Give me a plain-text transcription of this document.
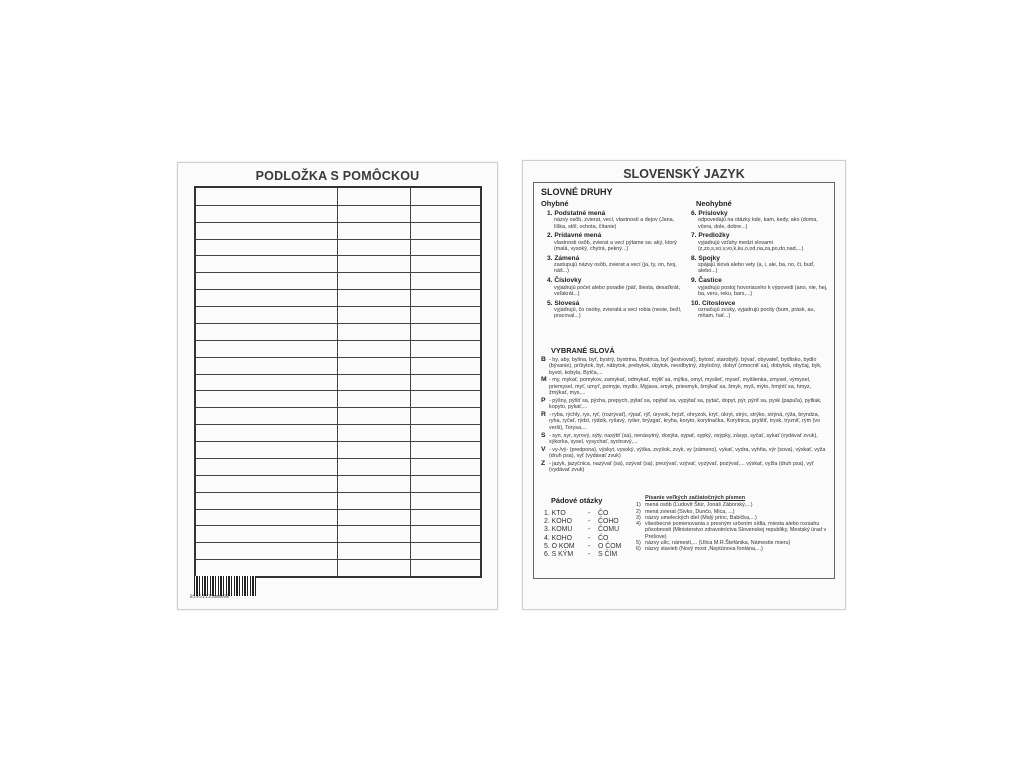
PODLOŽKA S POMÔCKOU
8595113500898
SLOVENSKÝ JAZYK
SLOVNÉ DRUHY
Ohybné	Neohybné
1. Podstatné mená
názvy osôb, zvierat, vecí, vlastností a dejov (Jana, líška, stôl, ochota, čítanie)
2. Prídavné mená
vlastnosti osôb, zvierat a vecí pýtame sa: aký, ktorý (malá, vysoký, chytrá, pekný...)
3. Zámená
zastupujú názvy osôb, zvierat a vecí (ja, ty, on, tvoj, náš...)
4. Číslovky
vyjadrujú počet alebo poradie (päť, šiesta, desaťkrát, veľakrát...)
5. Slovesá
vyjadrujú, čo osoby, zvieratá a veci robia (nesie, beží, pracoval...)
6. Príslovky
odpovedajú na otázky kde, kam, kedy, ako (doma, včera, dole, dobre...)
7. Predložky
vyjadrujú vzťahy medzi slovami (z,zo,s,so,v,vo,k,ku,o,od,na,za,po,do,nad,...)
8. Spojky
spájajú slová alebo vety (a, i, ale, ba, no, či, buď, alebo...)
9. Častice
vyjadrujú postoj hovoriaceho k výpovedi (ano, nie, hej, ba, veru, reku, bars,...)
10. Citoslovce
označujú zvuky, vyjadrujú pocity (bum, prásk, au, mňam, hať...)
VYBRANÉ SLOVÁ
B - by, aby, bylina, byť, bystrý, bystrina, Bystrica, byť (jestvovať), bytosť, starobylý, bývať, obyvateľ, bydlisko, bydlo (bývanie), príbytok, byt, nábytok, prebytok, úbytok, neodbytný, zbytočný, dobyť (zmocniť sa), dobytok, obyčaj, býk, byvol, kobyla, Bytča,...
M - my, mykať, pomykov, zamykať, odmykať, mýliť sa, mýlka, omyl, myslieť, myseľ, myšlienka, zmysel, výmysel, priemysel, myť, umyť, pomyje, mydlo, Myjava, smyk, priesmyk, šmýkať sa, šmyk, myš, mýto, hmýriť sa, hmyz, žmýkať, mys,...
P - pýšny, pýšiť sa, pýcha, prepych, pýtať sa, opýtať sa, vypýtať sa, pytač, dopyt, pýr, pýriť sa, pysk (papuľa), pytliak, kopyto, pykať,...
R - ryba, rýchly, rys, ryť, (rozrývať), rýpať, rýľ, úryvok, hrýzť, ohryzok, kryť, úkryt, strýc, strýko, strýná, rýža, bryndza, ryha, ryčať, rýdzi, rýdzik, ryšavý, rytier, brýzgať, kryha, koryto, korytnačka, Korytnica, pryštiť, trysk, tryzniť, rým (vo verši), Torysa,...
S - syn, syr, syrový, sýty, nasýtiť (sa), nenásytný, dosýta, sypať, sypký, osýpky, zásyp, syčať, sykať (vydávať zvuk), sýkorka, sysel, vysychať, sychravý,...
V - vy-/vý- (predpona), výskyt, vysoký, výška, zvyšok, zvyk, vy (zámeno), vykať, vydra, vyhňa, výr (sova), výskať, vyža (druh psa), vyť (vydávať zvuk)
Z - jazyk, jazyčnica, nazývať (sa), ozývať (sa), prezývať, vzývať, vyzývať, pozývať,... výskať, vyžla (druh psa), vyť (vydávať zvuk)
Pádové otázky
1. KTO	-	ČO
2. KOHO	-	ČOHO
3. KOMU	-	ČOMU
4. KOHO	-	ČO
5. O KOM	-	O ČOM
6. S KÝM	-	S ČÍM
Písanie veľkých začiatočných písmen
1) mená osôb (Ľudovít Štúr, Jonáš Záborský,...)
2) mená zvierat (Sivko, Dunčo, Mica, ...)
3) názvy umeleckých diel (Malý princ, Babička,...)
4) všeobecné pomenovania s presným určením sídla, miesta alebo rozsahu pôsobnosti (Ministerstvo zdravotníctva Slovenskej republiky, Mestský úrad v Prešove)
5) názvy ulíc, námestí,... (Ulica M.R.Štefánika, Námestie mieru)
6) názvy stavieb (Nový most ,Neptúnova fontána,...)
